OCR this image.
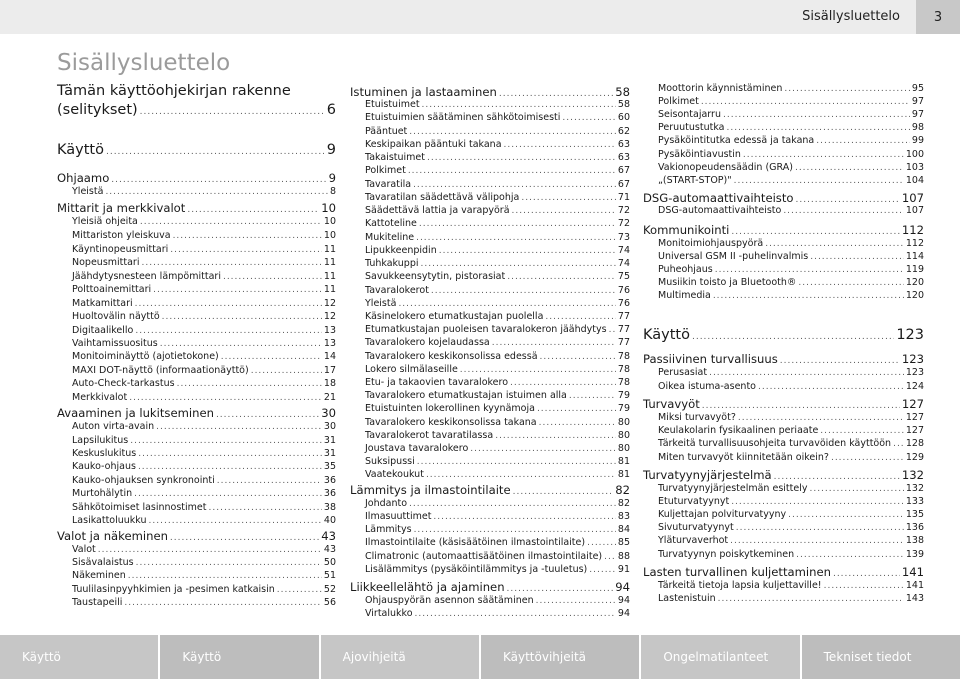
Sisällysluettelo	3
Sisällysluettelo
Tämän käyttöohjekirjan rakenne
(selitykset) .....	6
Käyttö .....	9
Ohjaamo .....	9
Yleistä .....	8
Mittarit ja merkkivalot .....	10
Yleisiä ohjeita .....	10
Mittariston yleiskuva .....	10
Käyntinopeusmittari .....	11
Nopeusmittari .....	11
Jäähdytysnesteen lämpömittari .....	11
Polttoainemittari .....	11
Matkamittari .....	12
Huoltovälin näyttö .....	12
Digitaalikello .....	13
Vaihtamissuositus .....	13
Monitoiminäyttö (ajotietokone) .....	14
MAXI DOT-näyttö (informaationäyttö) .....	17
Auto-Check-tarkastus .....	18
Merkkivalot .....	21
Avaaminen ja lukitseminen .....	30
Auton virta-avain .....	30
Lapsilukitus .....	31
Keskuslukitus .....	31
Kauko-ohjaus .....	35
Kauko-ohjauksen synkronointi .....	36
Murtohälytin .....	36
Sähkötoimiset lasinnostimet .....	38
Lasikattoluukku .....	40
Valot ja näkeminen .....	43
Valot .....	43
Sisävalaistus .....	50
Näkeminen .....	51
Tuulilasinpyyhkimien ja -pesimen katkaisin .....	52
Taustapeili .....	56
Istuminen ja lastaaminen .....	58
Etuistuimet .....	58
Etuistuimien säätäminen sähkötoimisesti .....	60
Pääntuet .....	62
Keskipaikan pääntuki takana .....	63
Takaistuimet .....	63
Polkimet .....	67
Tavaratila .....	67
Tavaratilan säädettävä välipohja .....	71
Säädettävä lattia ja varapyörä .....	72
Kattoteline .....	72
Mukiteline .....	73
Lipukkeenpidin .....	74
Tuhkakuppi .....	74
Savukkeensytytin, pistorasiat .....	75
Tavaralokerot .....	76
Yleistä .....	76
Käsinelokero etumatkustajan puolella .....	77
Etumatkustajan puoleisen tavaralokeron jäähdytys ..... 77
Tavaralokero kojelaudassa .....	77
Tavaralokero keskikonsolissa edessä .....	78
Lokero silmälaseille .....	78
Etu- ja takaovien tavaralokero .....	78
Tavaralokero etumatkustajan istuimen alla .....	79
Etuistuinten lokerollinen kyynämoja .....	79
Tavaralokero keskikonsolissa takana .....	80
Tavaralokerot tavaratilassa .....	80
Joustava tavaralokero .....	80
Suksipussi .....	81
Vaatekoukut .....	81
Lämmitys ja ilmastointilaite .....	82
Johdanto .....	82
Ilmasuuttimet .....	83
Lämmitys .....	84
Ilmastointilaite (käsisäätöinen ilmastointilaite) .....	85
Climatronic (automaattisäätöinen ilmastointilaite) ..... 88
Lisälämmitys (pysäköintilämmitys ja -tuuletus) .....	91
Liikkeellelähtö ja ajaminen .....	94
Ohjauspyörän asennon säätäminen .....	94
Virtalukko .....	94
Moottorin käynnistäminen .....	95
Polkimet .....	97
Seisontajarru .....	97
Peruutustutka .....	98
Pysäköintitutka edessä ja takana .....	99
Pysäköintiavustin .....	100
Vakionopeudensäädin (GRA) .....	103
„(START-STOP)" .....	104
DSG-automaattivaihteisto .....	107
DSG-automaattivaihteisto .....	107
Kommunikointi .....	112
Monitoimiohjauspyörä .....	112
Universal GSM II -puhelinvalmis .....	114
Puheohjaus .....	119
Musiikin toisto ja Bluetooth® .....	120
Multimedia .....	120
Käyttö .....	123
Passiivinen turvallisuus .....	123
Perusasiat .....	123
Oikea istuma-asento .....	124
Turvavyöt .....	127
Miksi turvavyöt? .....	127
Keulakolarin fysikaalinen periaate .....	127
Tärkeitä turvallisuusohjeita turvavöiden käyttöön ..... 128
Miten turvavyöt kiinnitetään oikein? .....	129
Turvatyynyjärjestelmä .....	132
Turvatyynyjärjestelmän esittely .....	132
Etuturvatyynyt .....	133
Kuljettajan polviturvatyyny .....	135
Sivuturvatyynyt .....	136
Yläturvaverhot .....	138
Turvatyynyn poiskytkeminen .....	139
Lasten turvallinen kuljettaminen .....	141
Tärkeitä tietoja lapsia kuljettaville! .....	141
Lastenistuin .....	143
Käyttö	Käyttö	Ajovihjeitä	Käyttövihjeitä	Ongelmatilanteet	Tekniset tiedot
